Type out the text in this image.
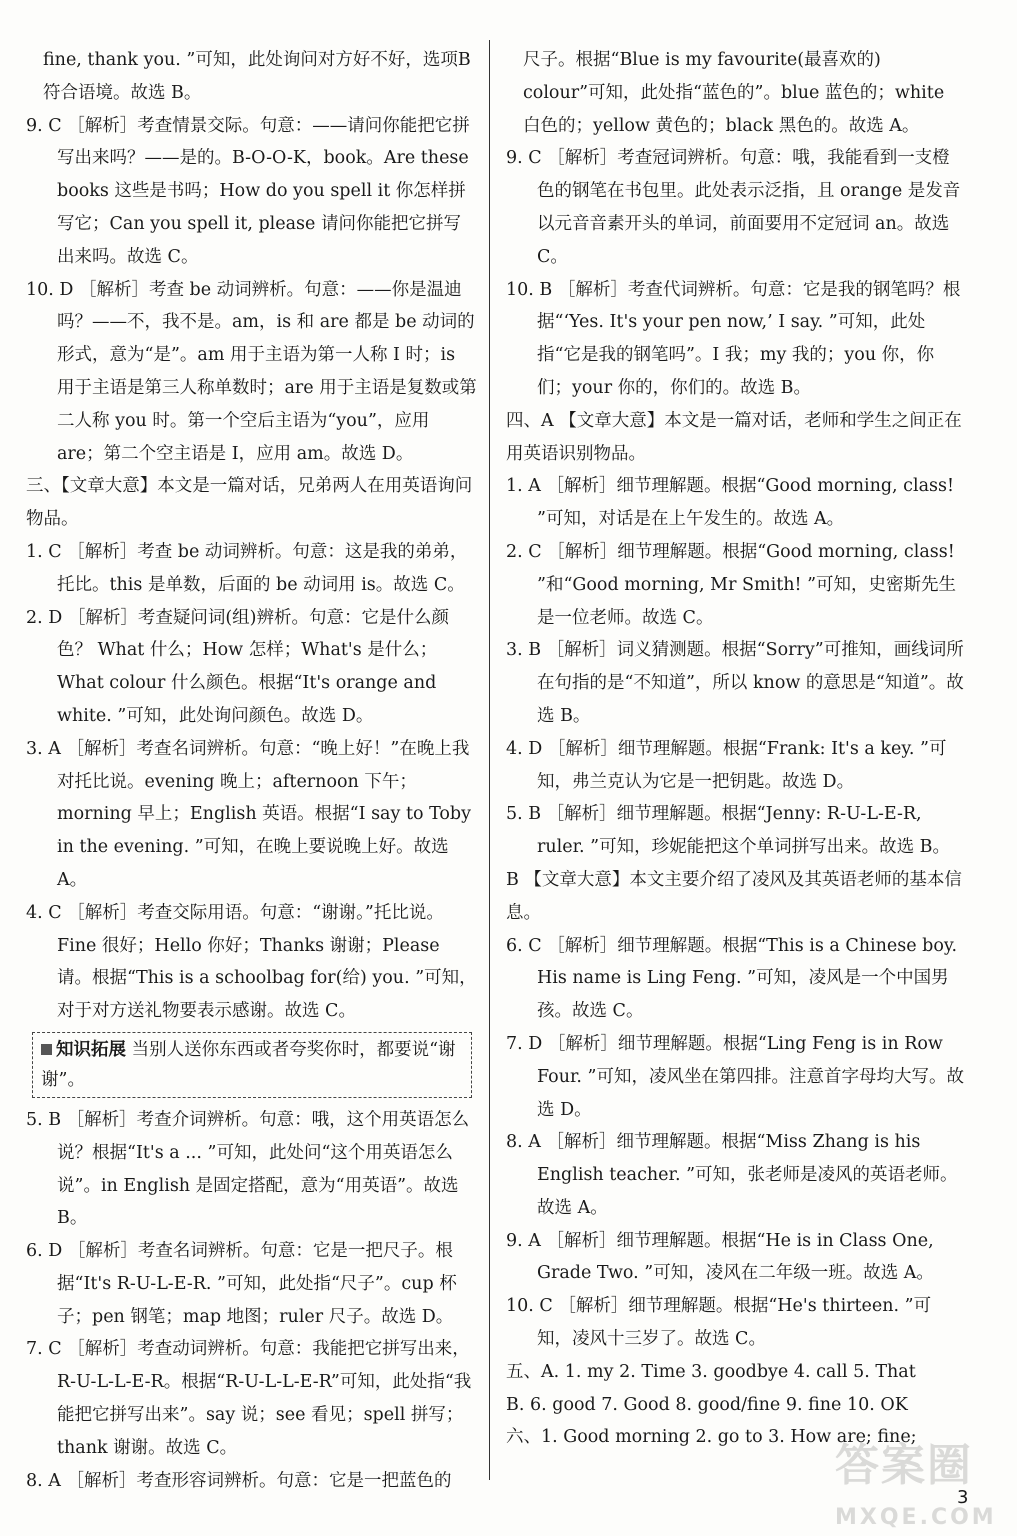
fine, thank you. ”可知，此处询问对方好不好，选项B符合语境。故选 B。

9. C ［解析］考查情景交际。句意：——请问你能把它拼写出来吗？——是的。B-O-O-K，book。Are these books 这些是书吗；How do you spell it 你怎样拼写它；Can you spell it, please 请问你能把它拼写出来吗。故选 C。

10. D ［解析］考查 be 动词辨析。句意：——你是温迪吗？——不，我不是。am，is 和 are 都是 be 动词的形式，意为“是”。am 用于主语为第一人称 I 时；is 用于主语是第三人称单数时；are 用于主语是复数或第二人称 you 时。第一个空后主语为“you”，应用 are；第二个空主语是 I，应用 am。故选 D。

三、【文章大意】本文是一篇对话，兄弟两人在用英语询问物品。

1. C ［解析］考查 be 动词辨析。句意：这是我的弟弟，托比。this 是单数，后面的 be 动词用 is。故选 C。

2. D ［解析］考查疑问词(组)辨析。句意：它是什么颜色？ What 什么；How 怎样；What's 是什么；What colour 什么颜色。根据“It's orange and white. ”可知，此处询问颜色。故选 D。

3. A ［解析］考查名词辨析。句意：“晚上好！”在晚上我对托比说。evening 晚上；afternoon 下午；morning 早上；English 英语。根据“I say to Toby in the evening. ”可知，在晚上要说晚上好。故选 A。

4. C ［解析］考查交际用语。句意：“谢谢。”托比说。Fine 很好；Hello 你好；Thanks 谢谢；Please 请。根据“This is a schoolbag for(给) you. ”可知，对于对方送礼物要表示感谢。故选 C。

知识拓展 当别人送你东西或者夸奖你时，都要说“谢谢”。

5. B ［解析］考查介词辨析。句意：哦，这个用英语怎么说？根据“It's a ... ”可知，此处问“这个用英语怎么说”。in English 是固定搭配，意为“用英语”。故选 B。

6. D ［解析］考查名词辨析。句意：它是一把尺子。根据“It's R-U-L-E-R. ”可知，此处指“尺子”。cup 杯子；pen 钢笔；map 地图；ruler 尺子。故选 D。

7. C ［解析］考查动词辨析。句意：我能把它拼写出来，R-U-L-L-E-R。根据“R-U-L-L-E-R”可知，此处指“我能把它拼写出来”。say 说；see 看见；spell 拼写；thank 谢谢。故选 C。

8. A ［解析］考查形容词辨析。句意：它是一把蓝色的

尺子。根据“Blue is my favourite(最喜欢的) colour”可知，此处指“蓝色的”。blue 蓝色的；white 白色的；yellow 黄色的；black 黑色的。故选 A。

9. C ［解析］考查冠词辨析。句意：哦，我能看到一支橙色的钢笔在书包里。此处表示泛指，且 orange 是发音以元音音素开头的单词，前面要用不定冠词 an。故选 C。

10. B ［解析］考查代词辨析。句意：它是我的钢笔吗？根据“‘Yes. It's your pen now,’ I say. ”可知，此处指“它是我的钢笔吗”。I 我；my 我的；you 你，你们；your 你的，你们的。故选 B。

四、A 【文章大意】本文是一篇对话，老师和学生之间正在用英语识别物品。

1. A ［解析］细节理解题。根据“Good morning, class! ”可知，对话是在上午发生的。故选 A。

2. C ［解析］细节理解题。根据“Good morning, class! ”和“Good morning, Mr Smith! ”可知，史密斯先生是一位老师。故选 C。

3. B ［解析］词义猜测题。根据“Sorry”可推知，画线词所在句指的是“不知道”，所以 know 的意思是“知道”。故选 B。

4. D ［解析］细节理解题。根据“Frank: It's a key. ”可知，弗兰克认为它是一把钥匙。故选 D。

5. B ［解析］细节理解题。根据“Jenny: R-U-L-E-R, ruler. ”可知，珍妮能把这个单词拼写出来。故选 B。

B 【文章大意】本文主要介绍了凌风及其英语老师的基本信息。

6. C ［解析］细节理解题。根据“This is a Chinese boy. His name is Ling Feng. ”可知，凌风是一个中国男孩。故选 C。

7. D ［解析］细节理解题。根据“Ling Feng is in Row Four. ”可知，凌风坐在第四排。注意首字母均大写。故选 D。

8. A ［解析］细节理解题。根据“Miss Zhang is his English teacher. ”可知，张老师是凌风的英语老师。故选 A。

9. A ［解析］细节理解题。根据“He is in Class One, Grade Two. ”可知，凌风在二年级一班。故选 A。

10. C ［解析］细节理解题。根据“He's thirteen. ”可知，凌风十三岁了。故选 C。

五、A. 1. my 2. Time 3. goodbye 4. call 5. That

B. 6. good 7. Good 8. good/fine 9. fine 10. OK

六、1. Good morning 2. go to 3. How are; fine;

3
答案圈
MXQE.COM
